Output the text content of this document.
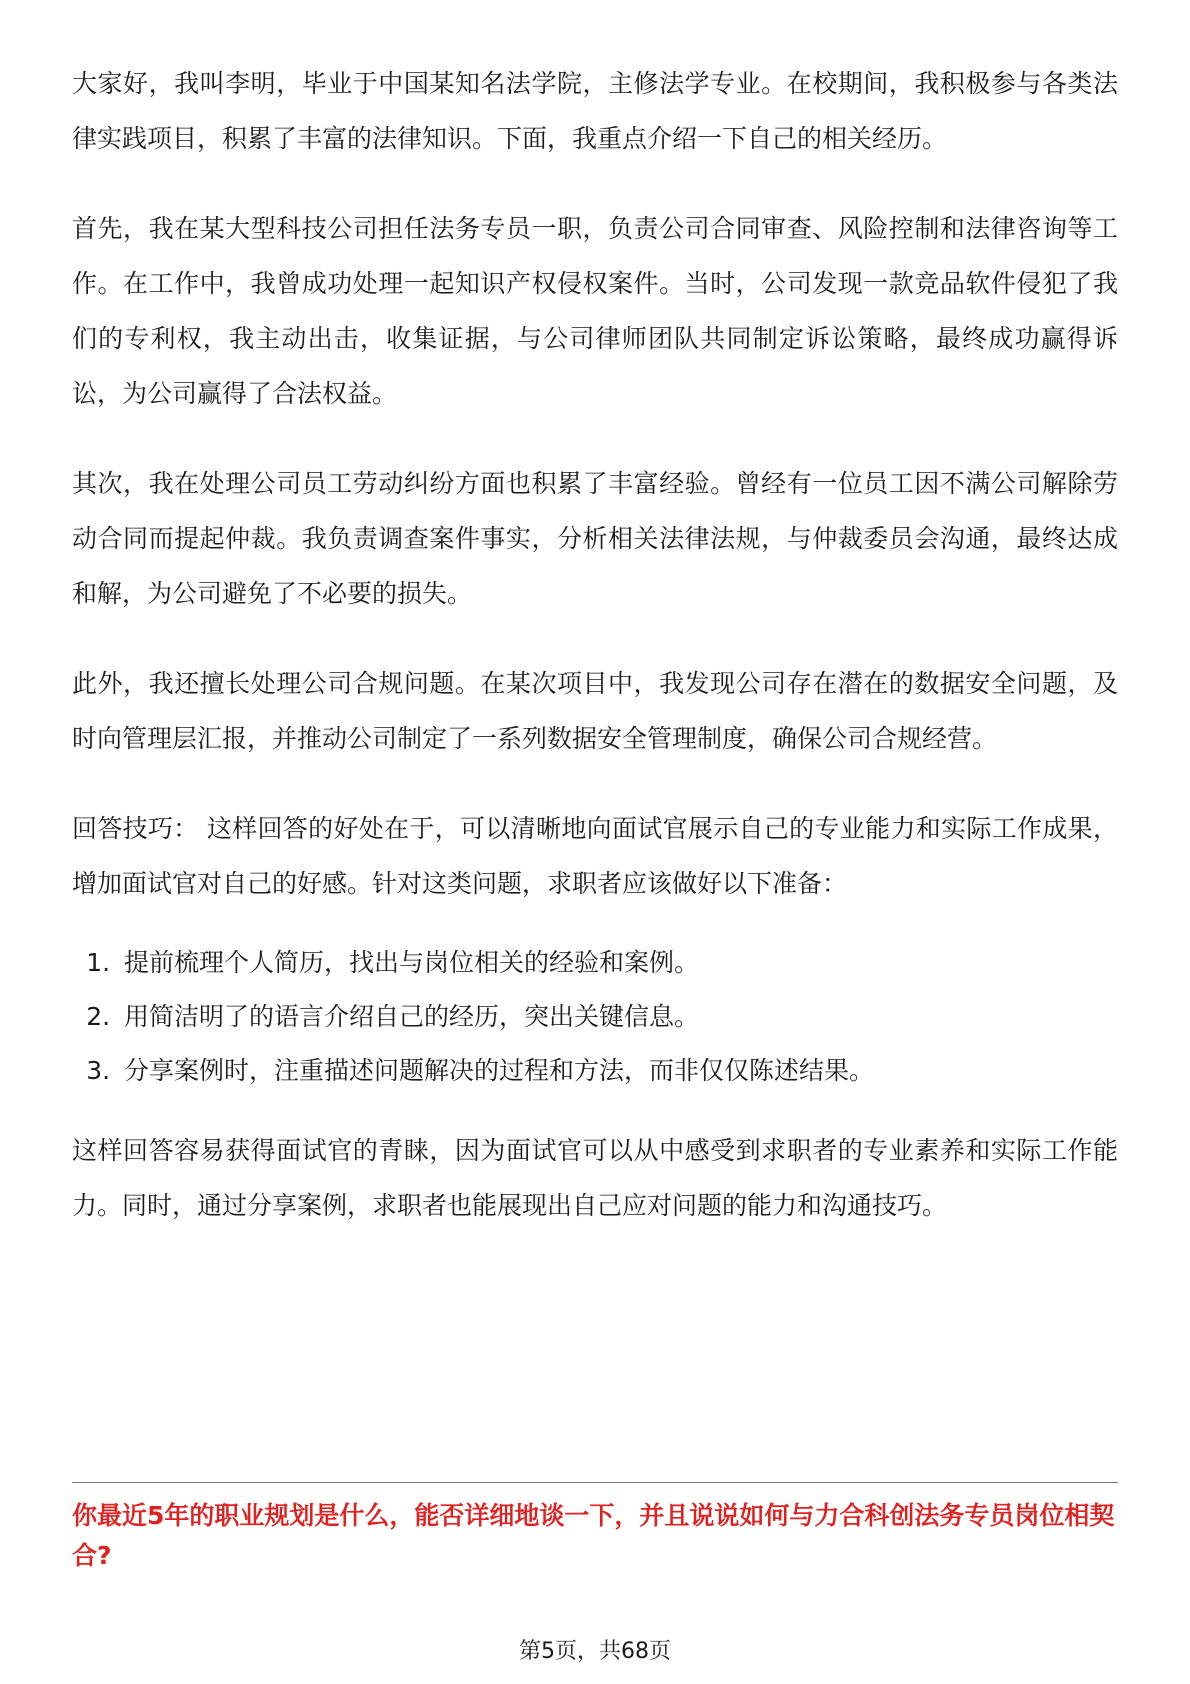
大家好，我叫李明，毕业于中国某知名法学院，主修法学专业。在校期间，我积极参与各类法律实践项目，积累了丰富的法律知识。下面，我重点介绍一下自己的相关经历。

首先，我在某大型科技公司担任法务专员一职，负责公司合同审查、风险控制和法律咨询等工作。在工作中，我曾成功处理一起知识产权侵权案件。当时，公司发现一款竞品软件侵犯了我们的专利权，我主动出击，收集证据，与公司律师团队共同制定诉讼策略，最终成功赢得诉讼，为公司赢得了合法权益。

其次，我在处理公司员工劳动纠纷方面也积累了丰富经验。曾经有一位员工因不满公司解除劳动合同而提起仲裁。我负责调查案件事实，分析相关法律法规，与仲裁委员会沟通，最终达成和解，为公司避免了不必要的损失。

此外，我还擅长处理公司合规问题。在某次项目中，我发现公司存在潜在的数据安全问题，及时向管理层汇报，并推动公司制定了一系列数据安全管理制度，确保公司合规经营。

回答技巧： 这样回答的好处在于，可以清晰地向面试官展示自己的专业能力和实际工作成果，增加面试官对自己的好感。针对这类问题，求职者应该做好以下准备：

1. 提前梳理个人简历，找出与岗位相关的经验和案例。
2. 用简洁明了的语言介绍自己的经历，突出关键信息。
3. 分享案例时，注重描述问题解决的过程和方法，而非仅仅陈述结果。

这样回答容易获得面试官的青睐，因为面试官可以从中感受到求职者的专业素养和实际工作能力。同时，通过分享案例，求职者也能展现出自己应对问题的能力和沟通技巧。

你最近5年的职业规划是什么，能否详细地谈一下，并且说说如何与力合科创法务专员岗位相契合?
第5页，共68页
